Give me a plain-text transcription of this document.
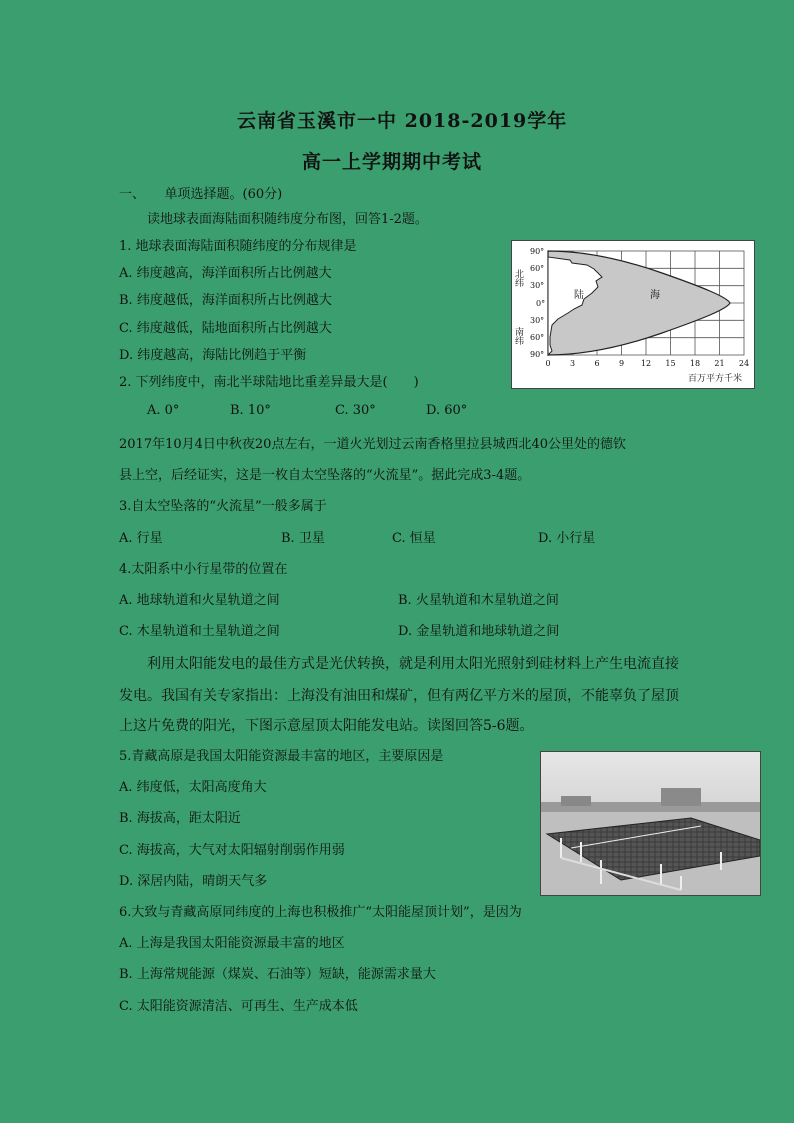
云南省玉溪市一中 2018-2019学年
高一上学期期中考试
一、　　单项选择题。(60分)
读地球表面海陆面积随纬度分布图，回答1-2题。
1. 地球表面海陆面积随纬度的分布规律是
A. 纬度越高，海洋面积所占比例越大
B. 纬度越低，海洋面积所占比例越大
C. 纬度越低，陆地面积所占比例越大
D. 纬度越高，海陆比例趋于平衡
2. 下列纬度中，南北半球陆地比重差异最大是(　　)
A. 0°	B. 10°	C. 30°	D. 60°
陆	海
90°
60°
30°
0°
30°
60°
90°
北纬
南纬
0 3 6 9 12 15 18 21 24
百万平方千米
2017年10月4日中秋夜20点左右，一道火光划过云南香格里拉县城西北40公里处的德钦
县上空，后经证实，这是一枚自太空坠落的“火流星”。据此完成3-4题。
3.自太空坠落的“火流星”一般多属于
A. 行星	B. 卫星	C. 恒星	D. 小行星
4.太阳系中小行星带的位置在
A. 地球轨道和火星轨道之间	B. 火星轨道和木星轨道之间
C. 木星轨道和土星轨道之间	D. 金星轨道和地球轨道之间
利用太阳能发电的最佳方式是光伏转换，就是利用太阳光照射到硅材料上产生电流直接
发电。我国有关专家指出：上海没有油田和煤矿，但有两亿平方米的屋顶，不能辜负了屋顶
上这片免费的阳光，下图示意屋顶太阳能发电站。读图回答5-6题。
5.青藏高原是我国太阳能资源最丰富的地区，主要原因是
A. 纬度低，太阳高度角大
B. 海拔高，距太阳近
C. 海拔高，大气对太阳辐射削弱作用弱
D. 深居内陆，晴朗天气多
6.大致与青藏高原同纬度的上海也积极推广“太阳能屋顶计划”，是因为
A. 上海是我国太阳能资源最丰富的地区
B. 上海常规能源（煤炭、石油等）短缺，能源需求量大
C. 太阳能资源清洁、可再生、生产成本低
